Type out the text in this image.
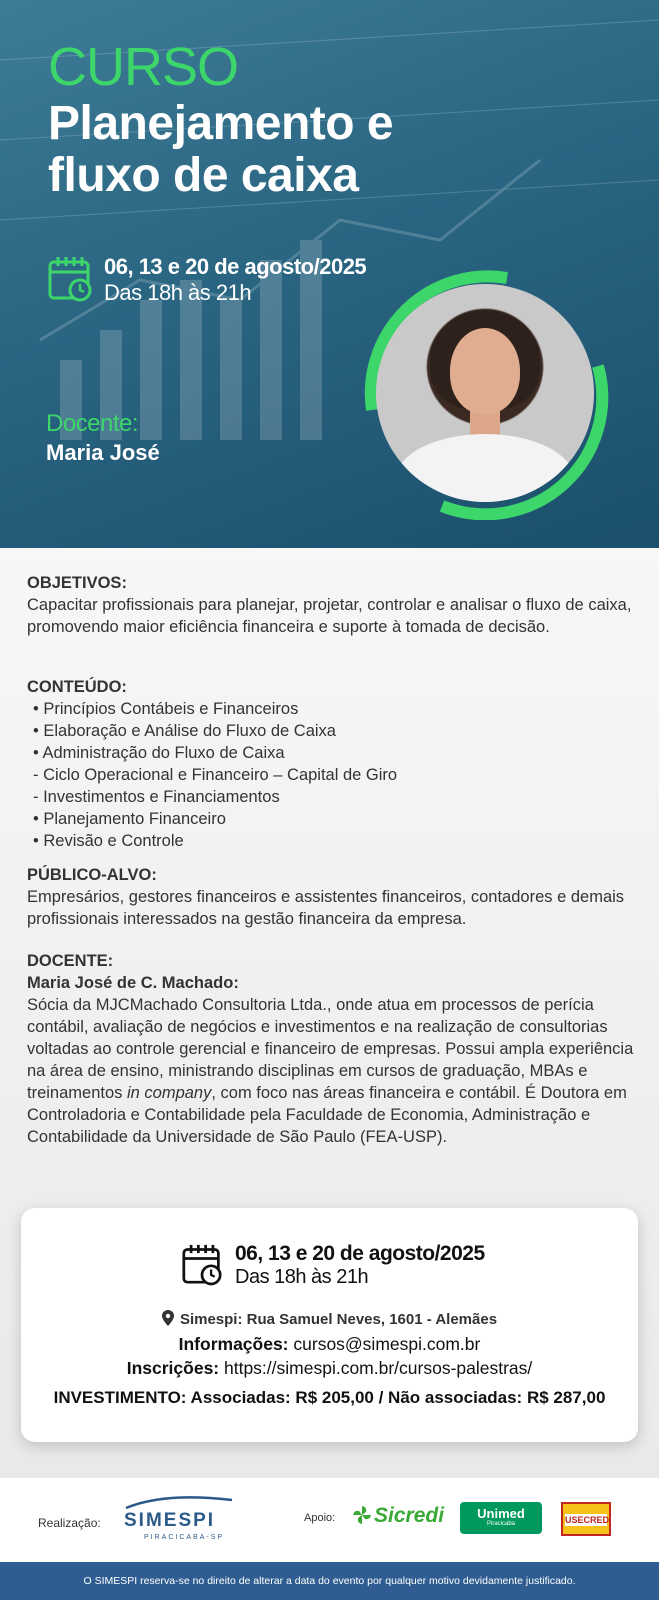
CURSO
Planejamento e fluxo de caixa
06, 13 e 20 de agosto/2025
Das 18h às 21h
Docente:
Maria José
OBJETIVOS:

Capacitar profissionais para planejar, projetar, controlar e analisar o fluxo de caixa, promovendo maior eficiência financeira e suporte à tomada de decisão.

CONTEÚDO:
• Princípios Contábeis e Financeiros
• Elaboração e Análise do Fluxo de Caixa
• Administração do Fluxo de Caixa
- Ciclo Operacional e Financeiro – Capital de Giro
- Investimentos e Financiamentos
• Planejamento Financeiro
• Revisão e Controle
PÚBLICO-ALVO:

Empresários, gestores financeiros e assistentes financeiros, contadores e demais profissionais interessados na gestão financeira da empresa.

DOCENTE:
Maria José de C. Machado:

Sócia da MJCMachado Consultoria Ltda., onde atua em processos de perícia contábil, avaliação de negócios e investimentos e na realização de consultorias voltadas ao controle gerencial e financeiro de empresas. Possui ampla experiência na área de ensino, ministrando disciplinas em cursos de graduação, MBAs e treinamentos in company, com foco nas áreas financeira e contábil. É Doutora em Controladoria e Contabilidade pela Faculdade de Economia, Administração e Contabilidade da Universidade de São Paulo (FEA-USP).

06, 13 e 20 de agosto/2025
Das 18h às 21h
Simespi: Rua Samuel Neves, 1601 - Alemães
Informações: cursos@simespi.com.br
Inscrições: https://simespi.com.br/cursos-palestras/
INVESTIMENTO: Associadas: R$ 205,00 / Não associadas: R$ 287,00
Realização: SIMESPI
PIRACICABA-SP
Apoio:	Sicredi	Unimed
Piracicaba	USECRED
O SIMESPI reserva-se no direito de alterar a data do evento por qualquer motivo devidamente justificado.
